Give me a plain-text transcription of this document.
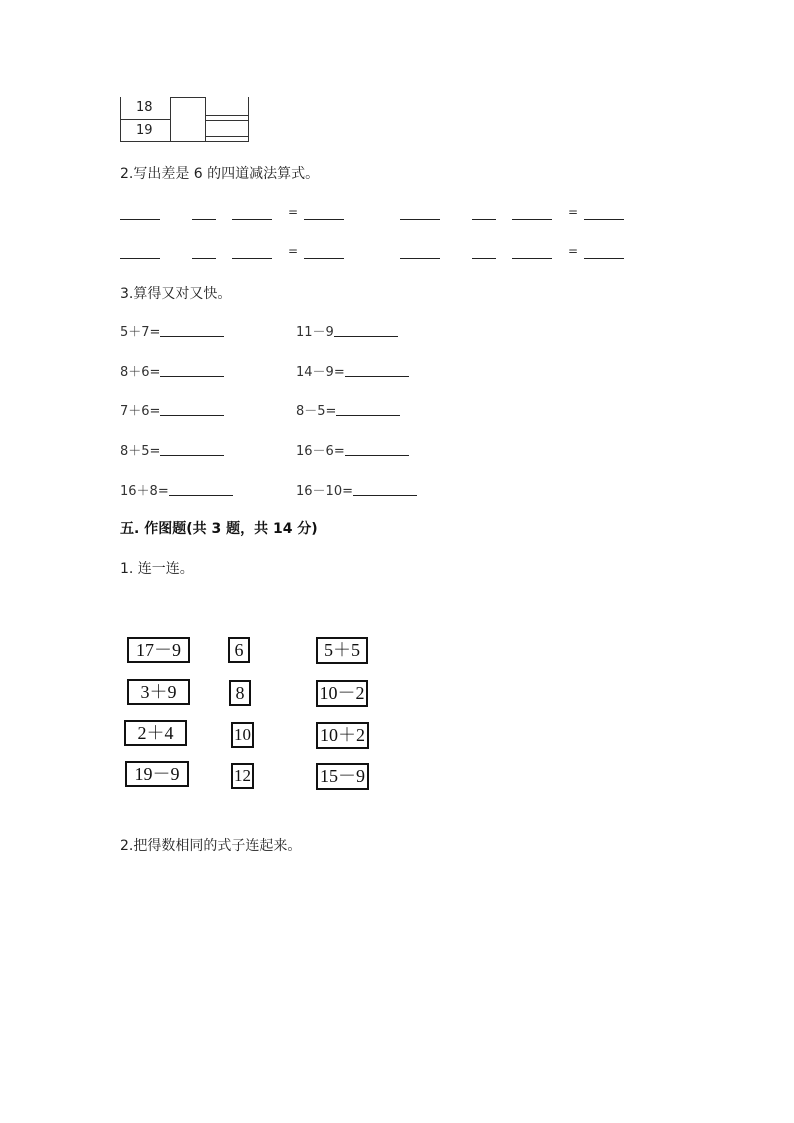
18
19
2.写出差是 6 的四道减法算式。
=	=
=	=
3.算得又对又快。
5＋7=
8＋6=
7＋6=
8＋5=
16＋8=
11－9
14－9=
8－5=
16－6=
16－10=
五. 作图题(共 3 题，共 14 分)
1. 连一连。
17－9
3＋9
2＋4
19－9
6
8
10
12
5＋5
10－2
10＋2
15－9
2.把得数相同的式子连起来。
